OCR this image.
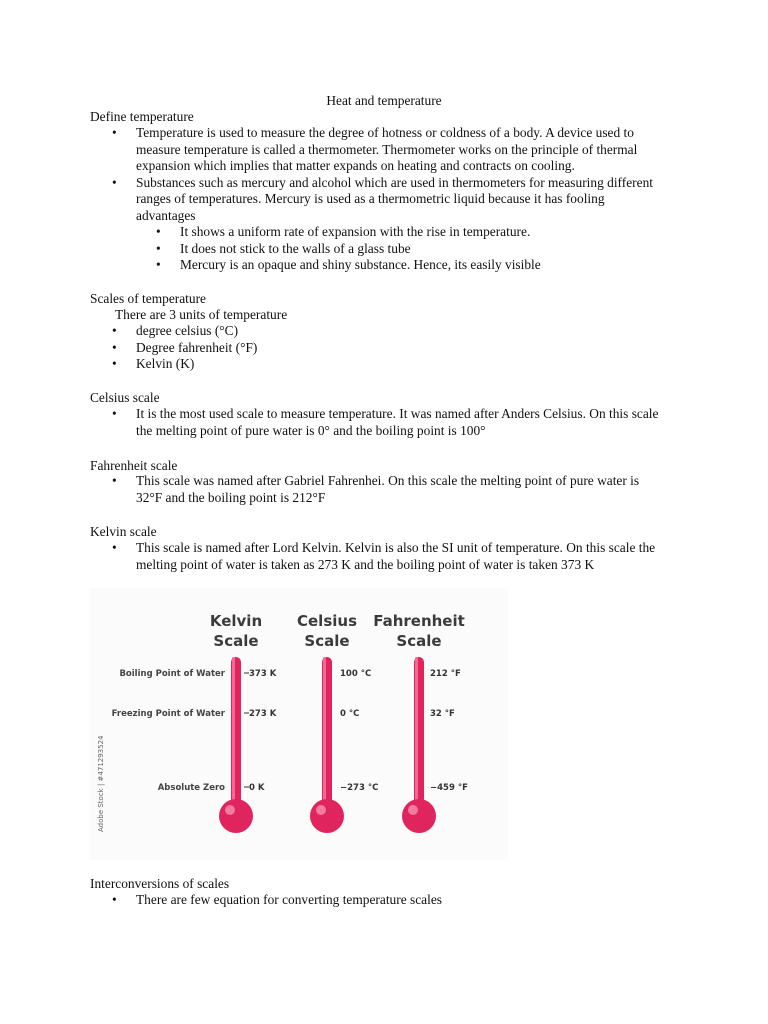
Heat and temperature
Define temperature
• Temperature is used to measure the degree of hotness or coldness of a body. A device used to
measure temperature is called a thermometer. Thermometer works on the principle of thermal
expansion which implies that matter expands on heating and contracts on cooling.
• Substances such as mercury and alcohol which are used in thermometers for measuring different
ranges of temperatures. Mercury is used as a thermometric liquid because it has fooling
advantages
• It shows a uniform rate of expansion with the rise in temperature.
• It does not stick to the walls of a glass tube
• Mercury is an opaque and shiny substance. Hence, its easily visible
Scales of temperature
There are 3 units of temperature
• degree celsius (°C)
• Degree fahrenheit (°F)
• Kelvin (K)
Celsius scale
• It is the most used scale to measure temperature. It was named after Anders Celsius. On this scale
the melting point of pure water is 0° and the boiling point is 100°
Fahrenheit scale
• This scale was named after Gabriel Fahrenhei. On this scale the melting point of pure water is
32°F and the boiling point is 212°F
Kelvin scale
• This scale is named after Lord Kelvin. Kelvin is also the SI unit of temperature. On this scale the
melting point of water is taken as 273 K and the boiling point of water is taken 373 K
Adobe Stock | #471293524
Kelvin
Scale
Celsius
Scale
Fahrenheit
Scale
Boiling Point of Water
Freezing Point of Water
Absolute Zero
373 K
273 K
0 K
100 °C
0 °C
−273 °C
212 °F
32 °F
−459 °F
Interconversions of scales
• There are few equation for converting temperature scales
